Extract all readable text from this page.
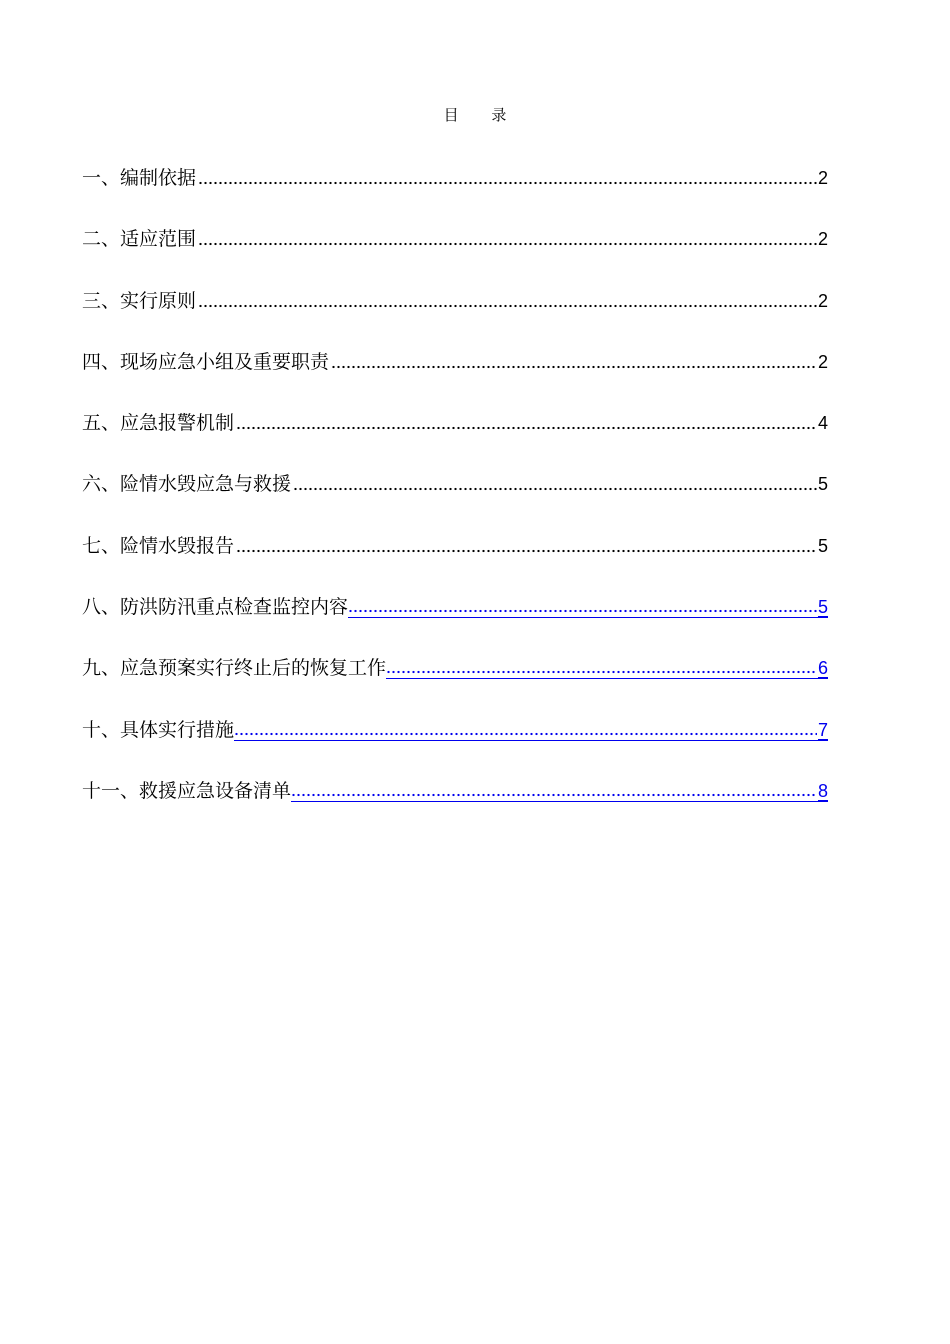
目 录
一、编制依据	2
二、适应范围	2
三、实行原则	2
四、现场应急小组及重要职责	2
五、应急报警机制	4
六、险情水毁应急与救援	5
七、险情水毁报告	5
八、防洪防汛重点检查监控内容	5
九、应急预案实行终止后的恢复工作	6
十、具体实行措施	7
十一、救援应急设备清单	8
